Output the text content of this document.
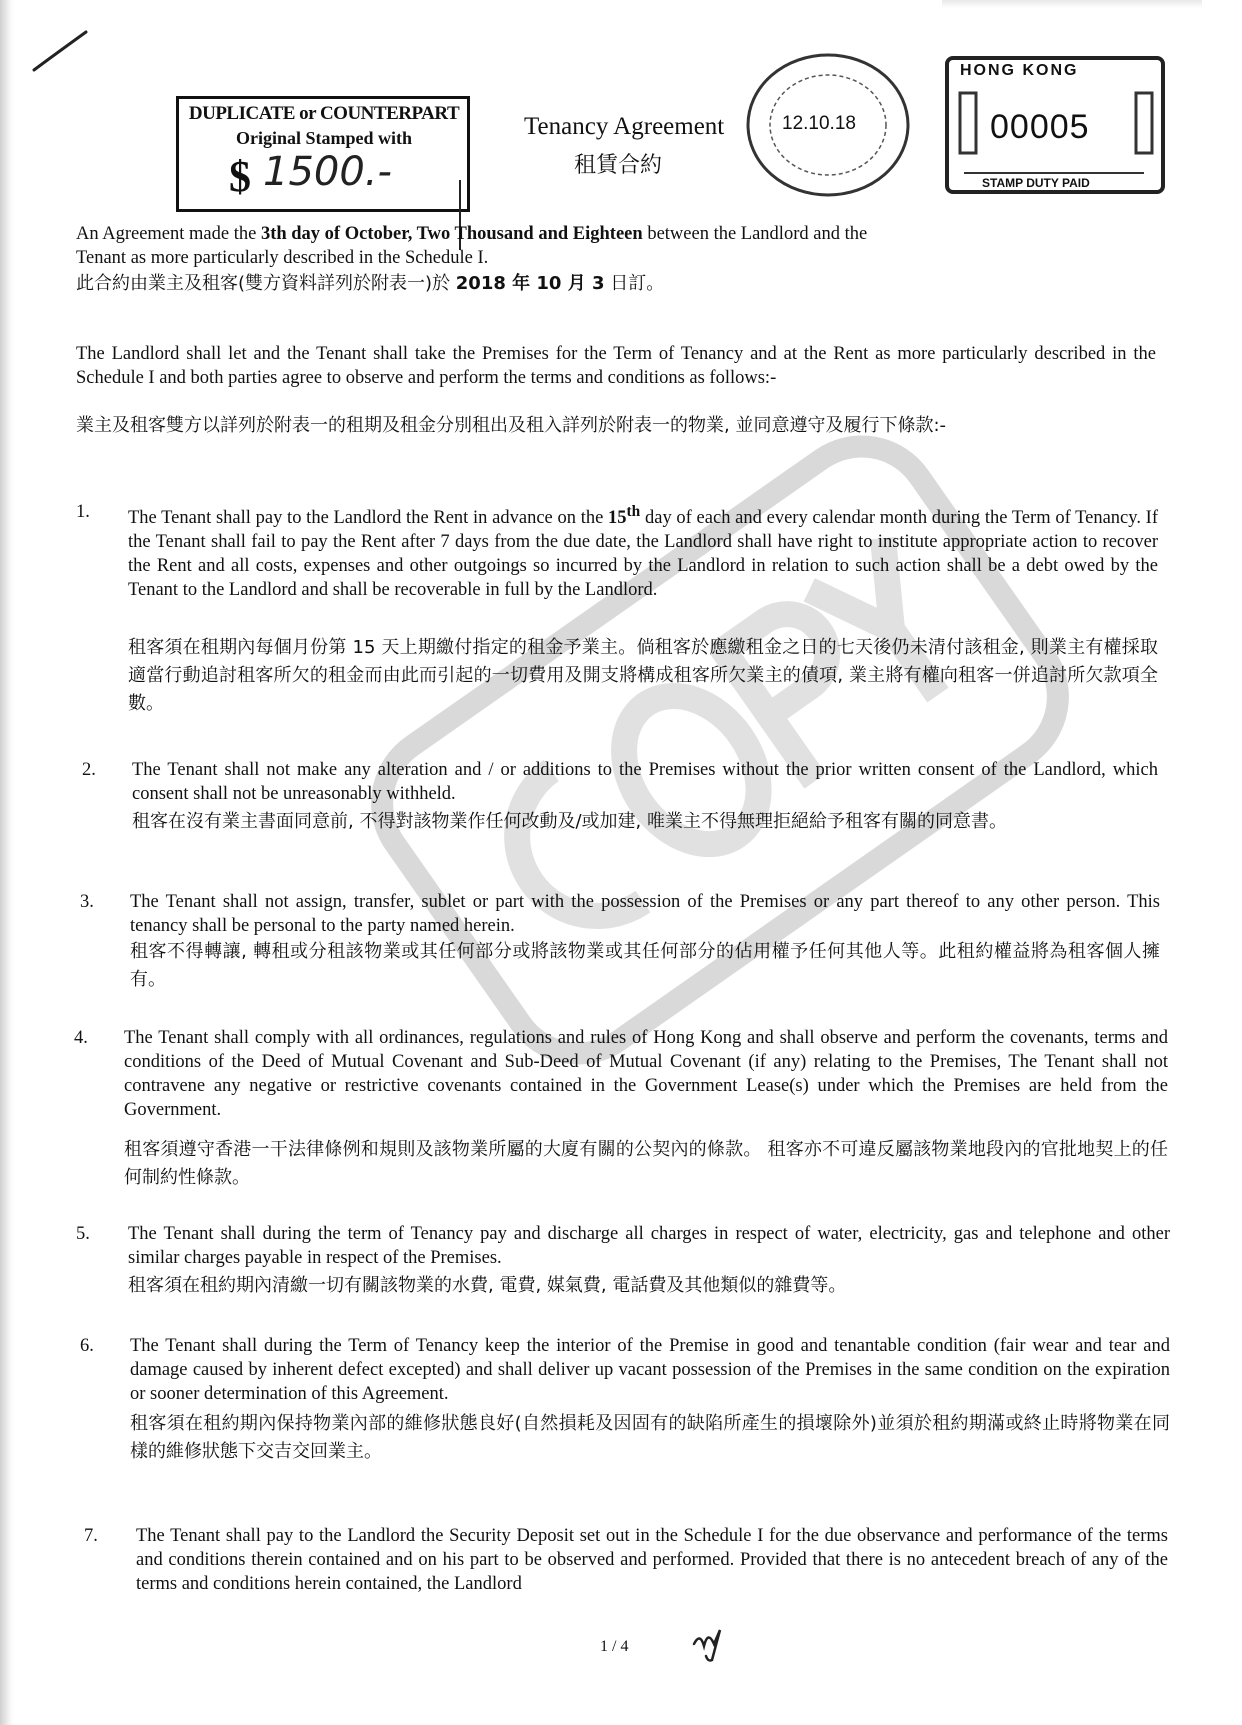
DUPLICATE or COUNTERPART
Original Stamped with
$ 1500.-
Tenancy Agreement
租賃合約
12.10.18
HONG KONG
00005
STAMP DUTY PAID
An Agreement made the 3th day of October, Two Thousand and Eighteen between the Landlord and the
Tenant as more particularly described in the Schedule I.
此合約由業主及租客(雙方資料詳列於附表一)於 2018 年 10 月 3 日訂。
The Landlord shall let and the Tenant shall take the Premises for the Term of Tenancy and at the Rent as more particularly described in the Schedule I and both parties agree to observe and perform the terms and conditions as follows:-
業主及租客雙方以詳列於附表一的租期及租金分別租出及租入詳列於附表一的物業, 並同意遵守及履行下條款:-
1. The Tenant shall pay to the Landlord the Rent in advance on the 15th day of each and every calendar month during the Term of Tenancy. If the Tenant shall fail to pay the Rent after 7 days from the due date, the Landlord shall have right to institute appropriate action to recover the Rent and all costs, expenses and other outgoings so incurred by the Landlord in relation to such action shall be a debt owed by the Tenant to the Landlord and shall be recoverable in full by the Landlord.
租客須在租期內每個月份第 15 天上期繳付指定的租金予業主。倘租客於應繳租金之日的七天後仍未清付該租金, 則業主有權採取適當行動追討租客所欠的租金而由此而引起的一切費用及開支將構成租客所欠業主的債項, 業主將有權向租客一併追討所欠款項全數。
2. The Tenant shall not make any alteration and / or additions to the Premises without the prior written consent of the Landlord, which consent shall not be unreasonably withheld.
租客在沒有業主書面同意前, 不得對該物業作任何改動及/或加建, 唯業主不得無理拒絕給予租客有關的同意書。
3. The Tenant shall not assign, transfer, sublet or part with the possession of the Premises or any part thereof to any other person. This tenancy shall be personal to the party named herein.
租客不得轉讓, 轉租或分租該物業或其任何部分或將該物業或其任何部分的佔用權予任何其他人等。此租約權益將為租客個人擁有。
4. The Tenant shall comply with all ordinances, regulations and rules of Hong Kong and shall observe and perform the covenants, terms and conditions of the Deed of Mutual Covenant and Sub-Deed of Mutual Covenant (if any) relating to the Premises, The Tenant shall not contravene any negative or restrictive covenants contained in the Government Lease(s) under which the Premises are held from the Government.
租客須遵守香港一干法律條例和規則及該物業所屬的大廈有關的公契內的條款。 租客亦不可違反屬該物業地段內的官批地契上的任何制約性條款。
5. The Tenant shall during the term of Tenancy pay and discharge all charges in respect of water, electricity, gas and telephone and other similar charges payable in respect of the Premises.
租客須在租約期內清繳一切有關該物業的水費, 電費, 媒氣費, 電話費及其他類似的雜費等。
6. The Tenant shall during the Term of Tenancy keep the interior of the Premise in good and tenantable condition (fair wear and tear and damage caused by inherent defect excepted) and shall deliver up vacant possession of the Premises in the same condition on the expiration or sooner determination of this Agreement.
租客須在租約期內保持物業內部的維修狀態良好(自然損耗及因固有的缺陷所產生的損壞除外)並須於租約期滿或終止時將物業在同樣的維修狀態下交吉交回業主。
7. The Tenant shall pay to the Landlord the Security Deposit set out in the Schedule I for the due observance and performance of the terms and conditions therein contained and on his part to be observed and performed. Provided that there is no antecedent breach of any of the terms and conditions herein contained, the Landlord
1 / 4
